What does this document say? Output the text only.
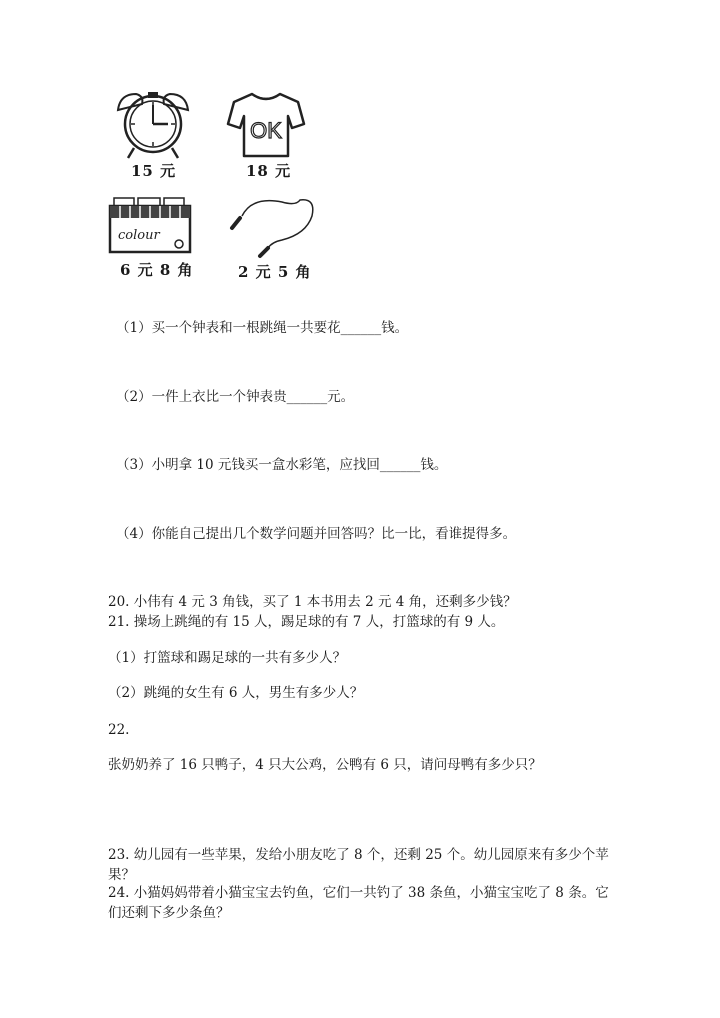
15 元
OK
18 元
colour
6 元 8 角	2 元 5 角
（1）买一个钟表和一根跳绳一共要花______钱。
（2）一件上衣比一个钟表贵______元。
（3）小明拿 10 元钱买一盒水彩笔，应找回______钱。
（4）你能自己提出几个数学问题并回答吗？比一比，看谁提得多。
20. 小伟有 4 元 3 角钱，买了 1 本书用去 2 元 4 角，还剩多少钱？
21. 操场上跳绳的有 15 人，踢足球的有 7 人，打篮球的有 9 人。
（1）打篮球和踢足球的一共有多少人？
（2）跳绳的女生有 6 人，男生有多少人？
22.
张奶奶养了 16 只鸭子，4 只大公鸡，公鸭有 6 只，请问母鸭有多少只？
23. 幼儿园有一些苹果，发给小朋友吃了 8 个，还剩 25 个。幼儿园原来有多少个苹果？
24. 小猫妈妈带着小猫宝宝去钓鱼，它们一共钓了 38 条鱼，小猫宝宝吃了 8 条。它们还剩下多少条鱼？
